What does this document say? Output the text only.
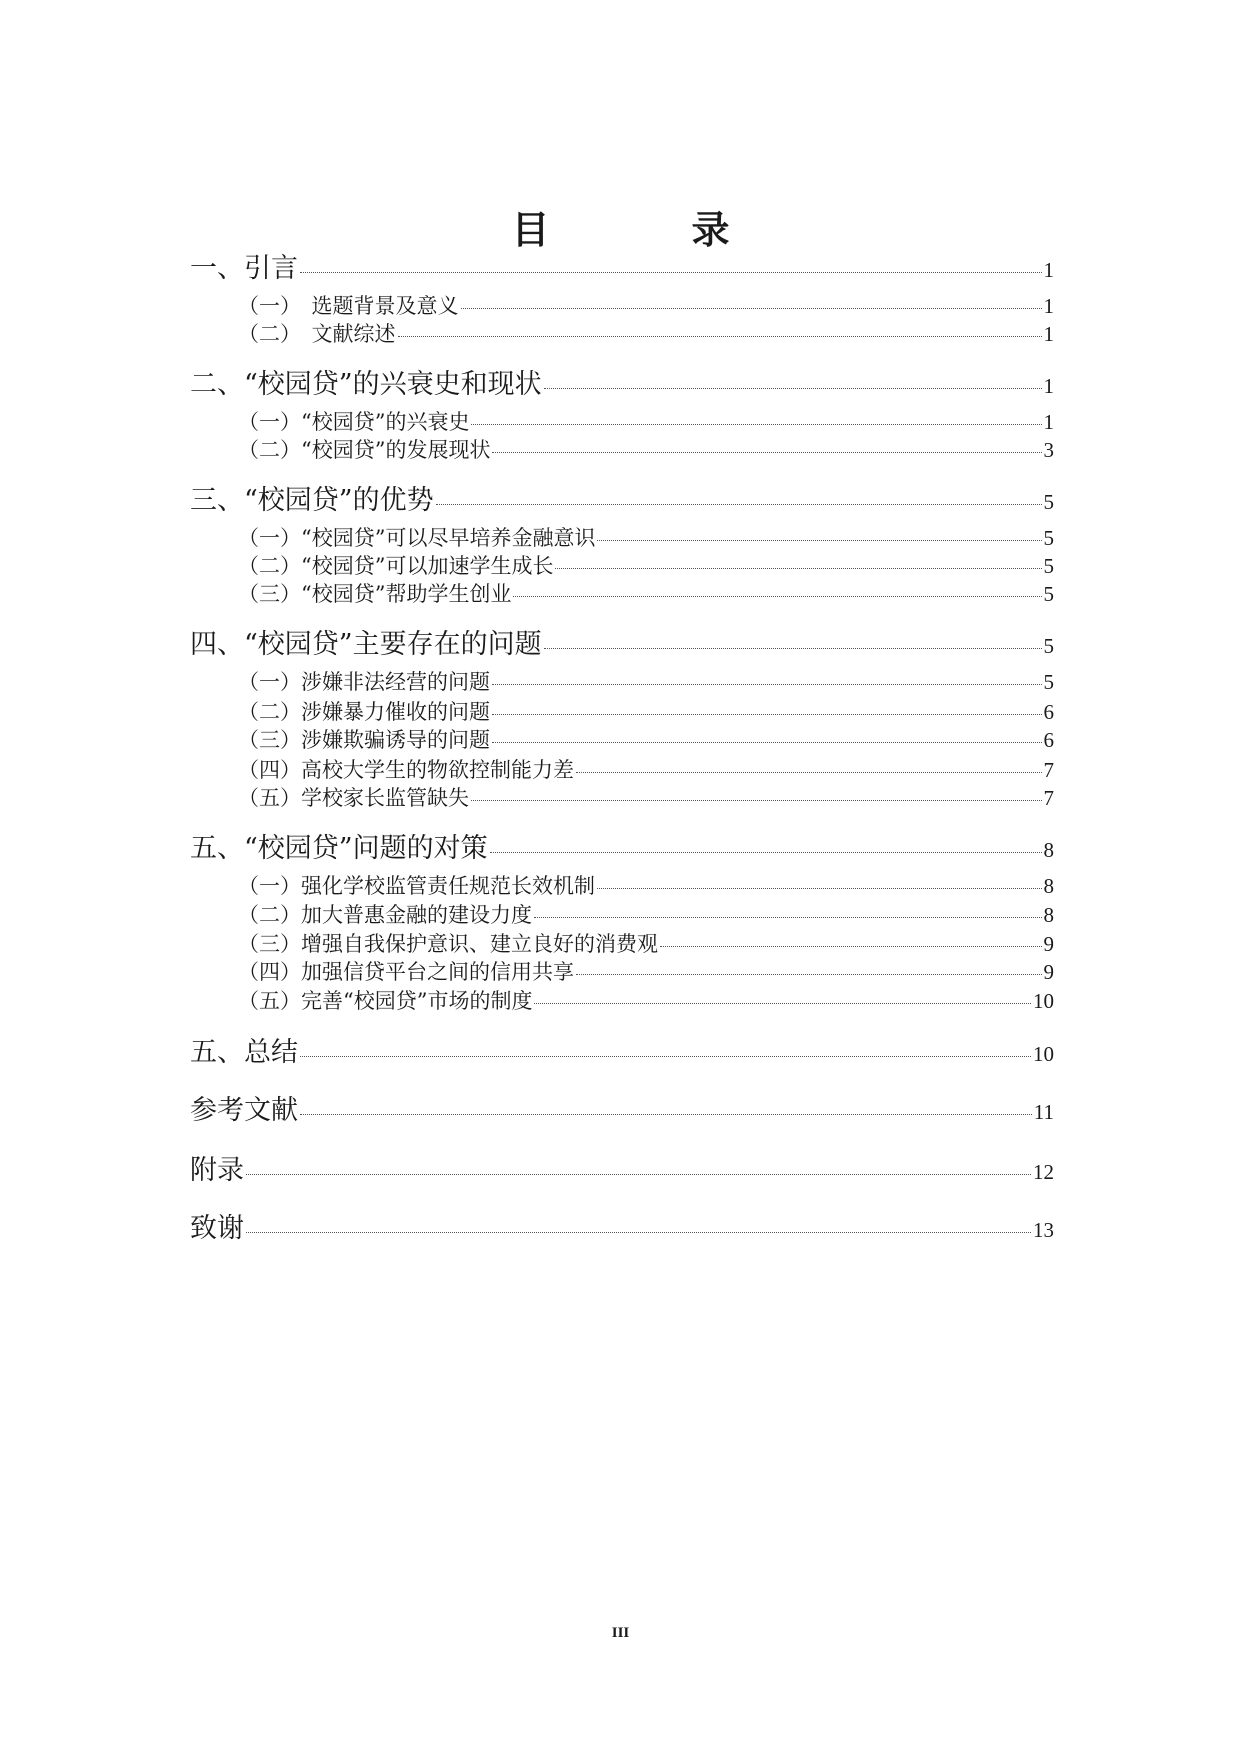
目　录
一、引言	1
（一）　选题背景及意义	1
（二）　文献综述	1
二、“校园贷”的兴衰史和现状	1
（一）“校园贷”的兴衰史	1
（二）“校园贷”的发展现状	3
三、“校园贷”的优势	5
（一）“校园贷”可以尽早培养金融意识	5
（二）“校园贷”可以加速学生成长	5
（三）“校园贷”帮助学生创业	5
四、“校园贷”主要存在的问题	5
（一）涉嫌非法经营的问题	5
（二）涉嫌暴力催收的问题	6
（三）涉嫌欺骗诱导的问题	6
（四）高校大学生的物欲控制能力差	7
（五）学校家长监管缺失	7
五、“校园贷”问题的对策	8
（一）强化学校监管责任规范长效机制	8
（二）加大普惠金融的建设力度	8
（三）增强自我保护意识、建立良好的消费观	9
（四）加强信贷平台之间的信用共享	9
（五）完善“校园贷”市场的制度	10
五、总结	10
参考文献	11
附录	12
致谢	13
III
